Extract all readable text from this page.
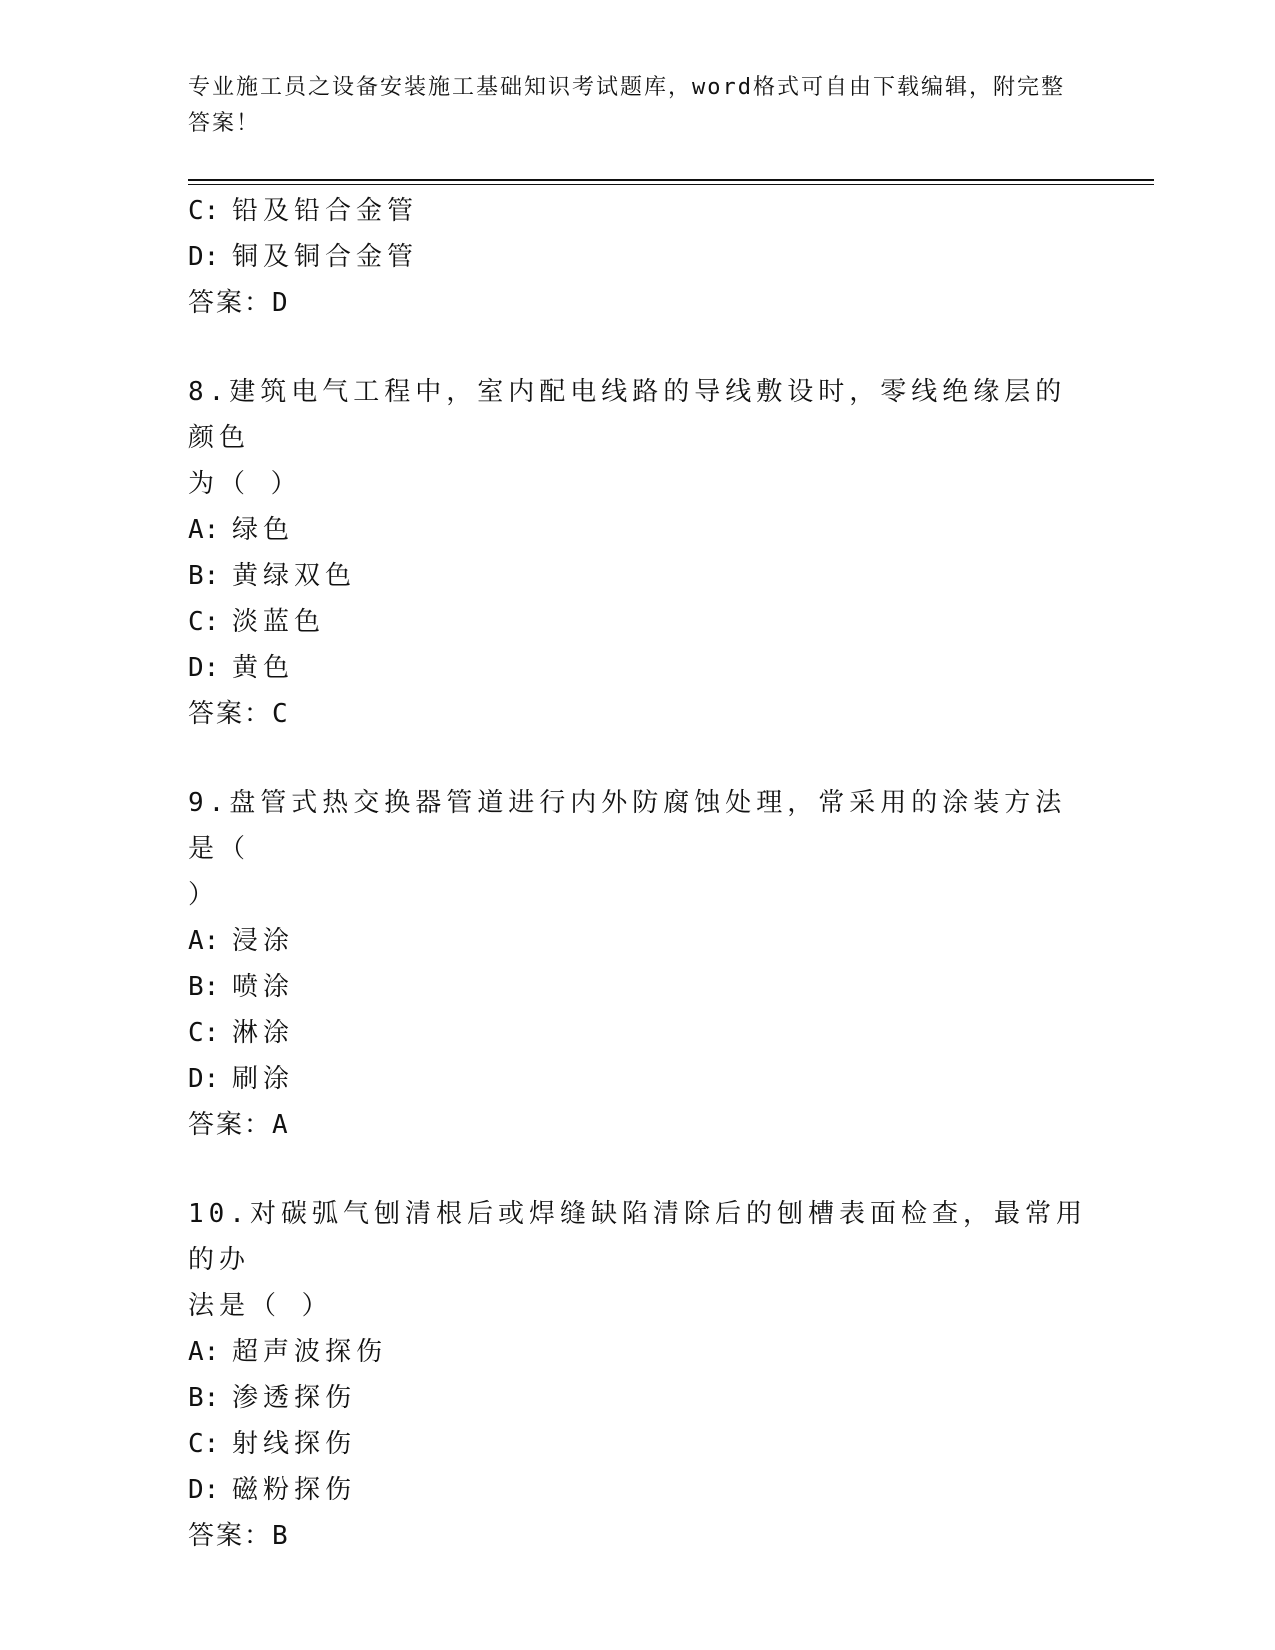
专业施工员之设备安装施工基础知识考试题库，word格式可自由下载编辑，附完整答案！
C: 铅及铅合金管
D: 铜及铜合金管
答案：D
8.建筑电气工程中，室内配电线路的导线敷设时，零线绝缘层的颜色
为（ ）
A: 绿色
B: 黄绿双色
C: 淡蓝色
D: 黄色
答案：C
9.盘管式热交换器管道进行内外防腐蚀处理，常采用的涂装方法是（
）
A: 浸涂
B: 喷涂
C: 淋涂
D: 刷涂
答案：A
10.对碳弧气刨清根后或焊缝缺陷清除后的刨槽表面检查，最常用的办
法是（ ）
A: 超声波探伤
B: 渗透探伤
C: 射线探伤
D: 磁粉探伤
答案：B
